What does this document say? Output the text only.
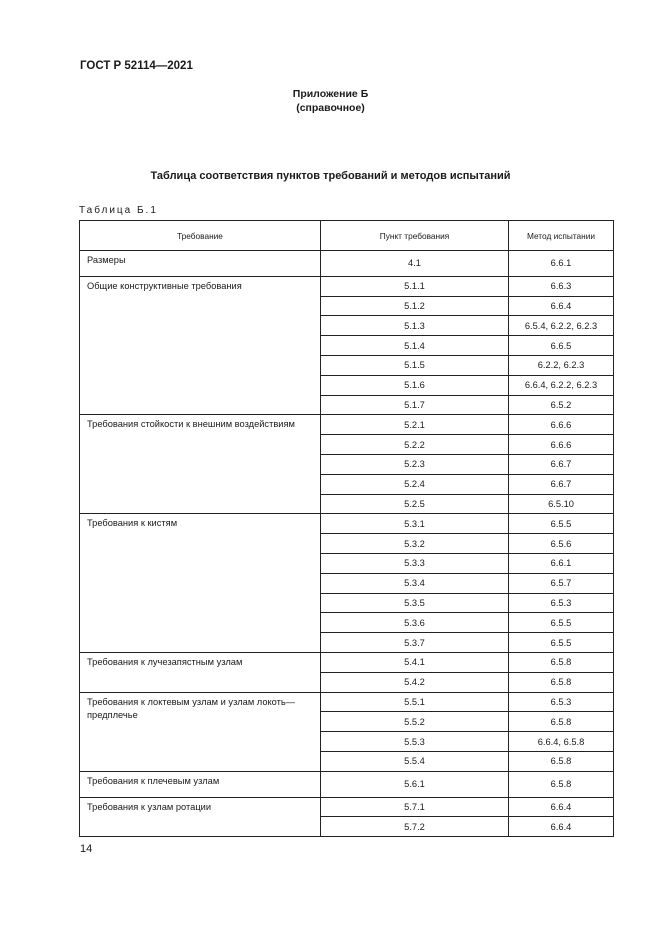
ГОСТ Р 52114—2021
Приложение Б
(справочное)
Таблица соответствия пунктов требований и методов испытаний
Таблица Б.1
Требование	Пункт требования	Метод испытании
Размеры	4.1	6.6.1
Общие конструктивные требования	5.1.1	6.6.3
	5.1.2	6.6.4
	5.1.3	6.5.4, 6.2.2, 6.2.3
	5.1.4	6.6.5
	5.1.5	6.2.2, 6.2.3
	5.1.6	6.6.4, 6.2.2, 6.2.3
	5.1.7	6.5.2
Требования стойкости к внешним воздействиям	5.2.1	6.6.6
	5.2.2	6.6.6
	5.2.3	6.6.7
	5.2.4	6.6.7
	5.2.5	6.5.10
Требования к кистям	5.3.1	6.5.5
	5.3.2	6.5.6
	5.3.3	6.6.1
	5.3.4	6.5.7
	5.3.5	6.5.3
	5.3.6	6.5.5
	5.3.7	6.5.5
Требования к лучезапястным узлам	5.4.1	6.5.8
	5.4.2	6.5.8
Требования к локтевым узлам и узлам локоть—предплечье	5.5.1	6.5.3
	5.5.2	6.5.8
	5.5.3	6.6.4, 6.5.8
	5.5.4	6.5.8
Требования к плечевым узлам	5.6.1	6.5.8
Требования к узлам ротации	5.7.1	6.6.4
	5.7.2	6.6.4
14
